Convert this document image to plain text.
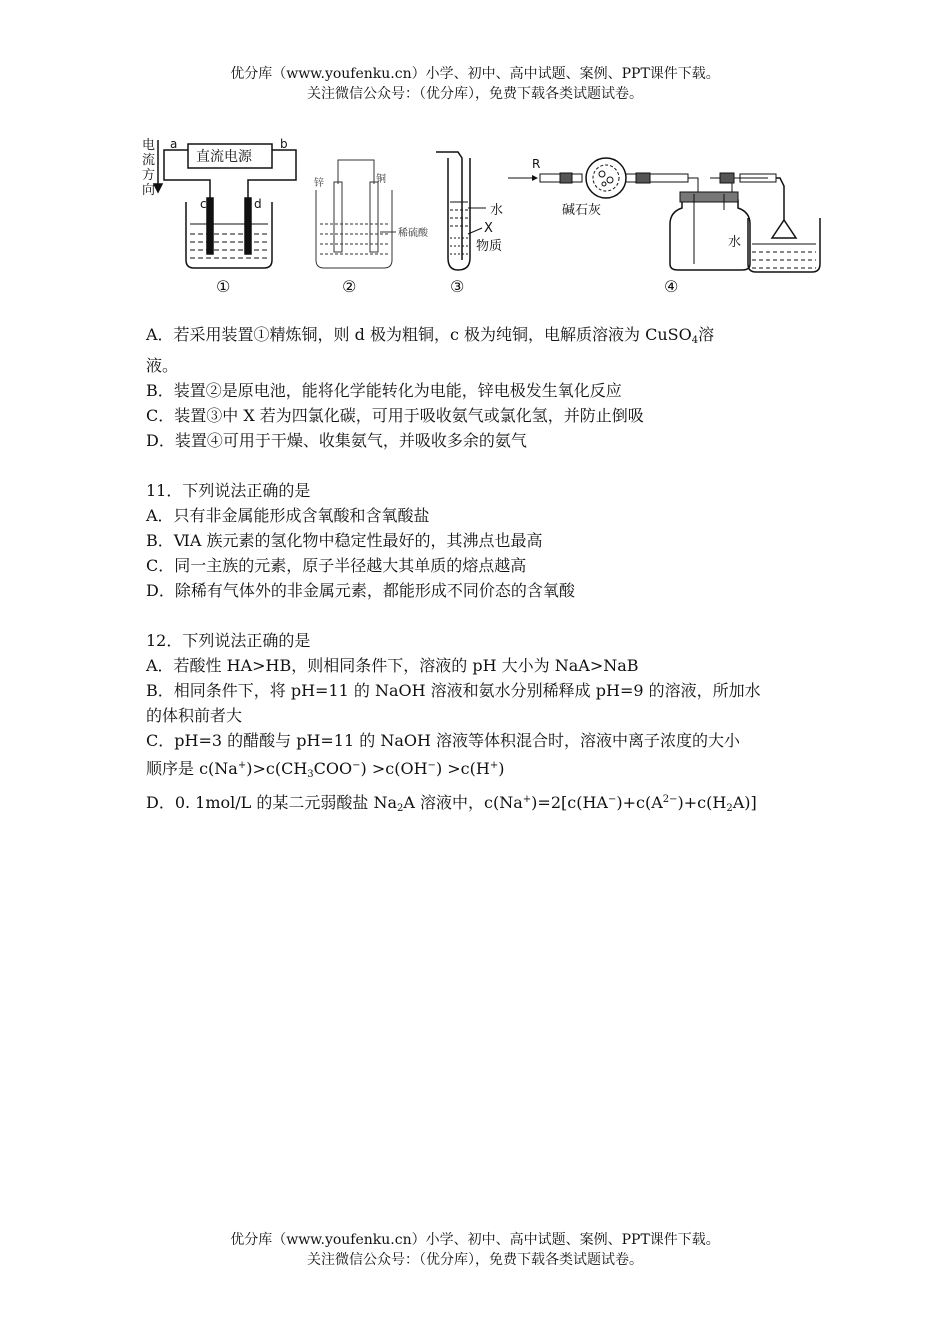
优分库（www.youfenku.cn）小学、初中、高中试题、案例、PPT课件下载。
关注微信公众号：（优分库），免费下载各类试题试卷。
电
流
方
向
a	b
直流电源
c	d
①
锌	铜
稀硫酸
②
水
X
物质
③
R
碱石灰
水
④

A．若采用装置①精炼铜，则 d 极为粗铜，c 极为纯铜，电解质溶液为 CuSO$_4$溶

液。

B．装置②是原电池，能将化学能转化为电能，锌电极发生氧化反应

C．装置③中 X 若为四氯化碳，可用于吸收氨气或氯化氢，并防止倒吸

D．装置④可用于干燥、收集氨气，并吸收多余的氨气

11．下列说法正确的是

A．只有非金属能形成含氧酸和含氧酸盐

B．ⅥA 族元素的氢化物中稳定性最好的，其沸点也最高

C．同一主族的元素，原子半径越大其单质的熔点越高

D．除稀有气体外的非金属元素，都能形成不同价态的含氧酸

12．下列说法正确的是

A．若酸性 HA>HB，则相同条件下，溶液的 pH 大小为 NaA>NaB

B．相同条件下，将 pH=11 的 NaOH 溶液和氨水分别稀释成 pH=9 的溶液，所加水

的体积前者大

C．pH=3 的醋酸与 pH=11 的 NaOH 溶液等体积混合时，溶液中离子浓度的大小

顺序是 $c(Na^+)>c(CH_3COO^-) >c(OH^-) >c(H^+)$

D．0. 1mol/L 的某二元弱酸盐 $Na_2A$ 溶液中，$c(Na^+)=2[c(HA^-)+c(A^{2-})+c(H_2A)]$

优分库（www.youfenku.cn）小学、初中、高中试题、案例、PPT课件下载。
关注微信公众号：（优分库），免费下载各类试题试卷。
